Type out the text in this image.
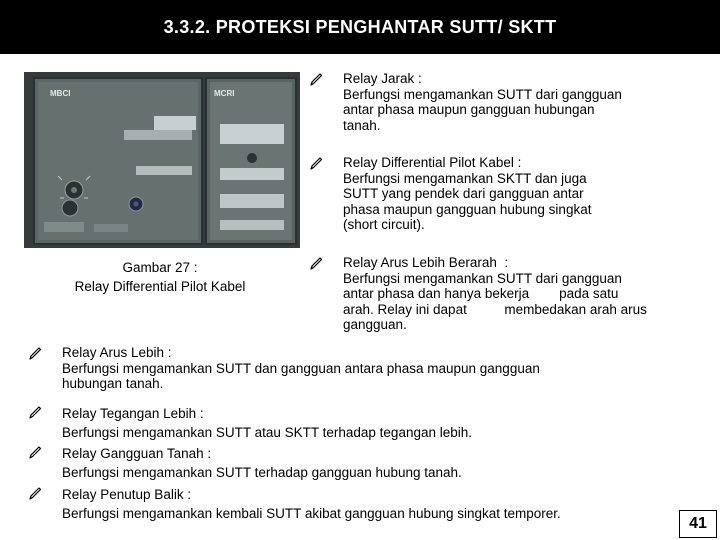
3.3.2. PROTEKSI PENGHANTAR SUTT/ SKTT
MBCI	MCRI
Gambar 27 :
Relay Differential Pilot Kabel
Relay Jarak :
Berfungsi mengamankan SUTT dari gangguan
antar phasa maupun gangguan hubungan
tanah.
Relay Differential Pilot Kabel :
Berfungsi mengamankan SKTT dan juga
SUTT yang pendek dari gangguan antar
phasa maupun gangguan hubung singkat
(short circuit).
Relay Arus Lebih Berarah  :
Berfungsi mengamankan SUTT dari gangguan
antar phasa dan hanya bekerja        pada satu
arah. Relay ini dapat          membedakan arah arus
gangguan.
Relay Arus Lebih :
Berfungsi mengamankan SUTT dan gangguan antara phasa maupun gangguan
hubungan tanah.
Relay Tegangan Lebih :
Berfungsi mengamankan SUTT atau SKTT terhadap tegangan lebih.
Relay Gangguan Tanah :
Berfungsi mengamankan SUTT terhadap gangguan hubung tanah.
Relay Penutup Balik :
Berfungsi mengamankan kembali SUTT akibat gangguan hubung singkat temporer.
41
